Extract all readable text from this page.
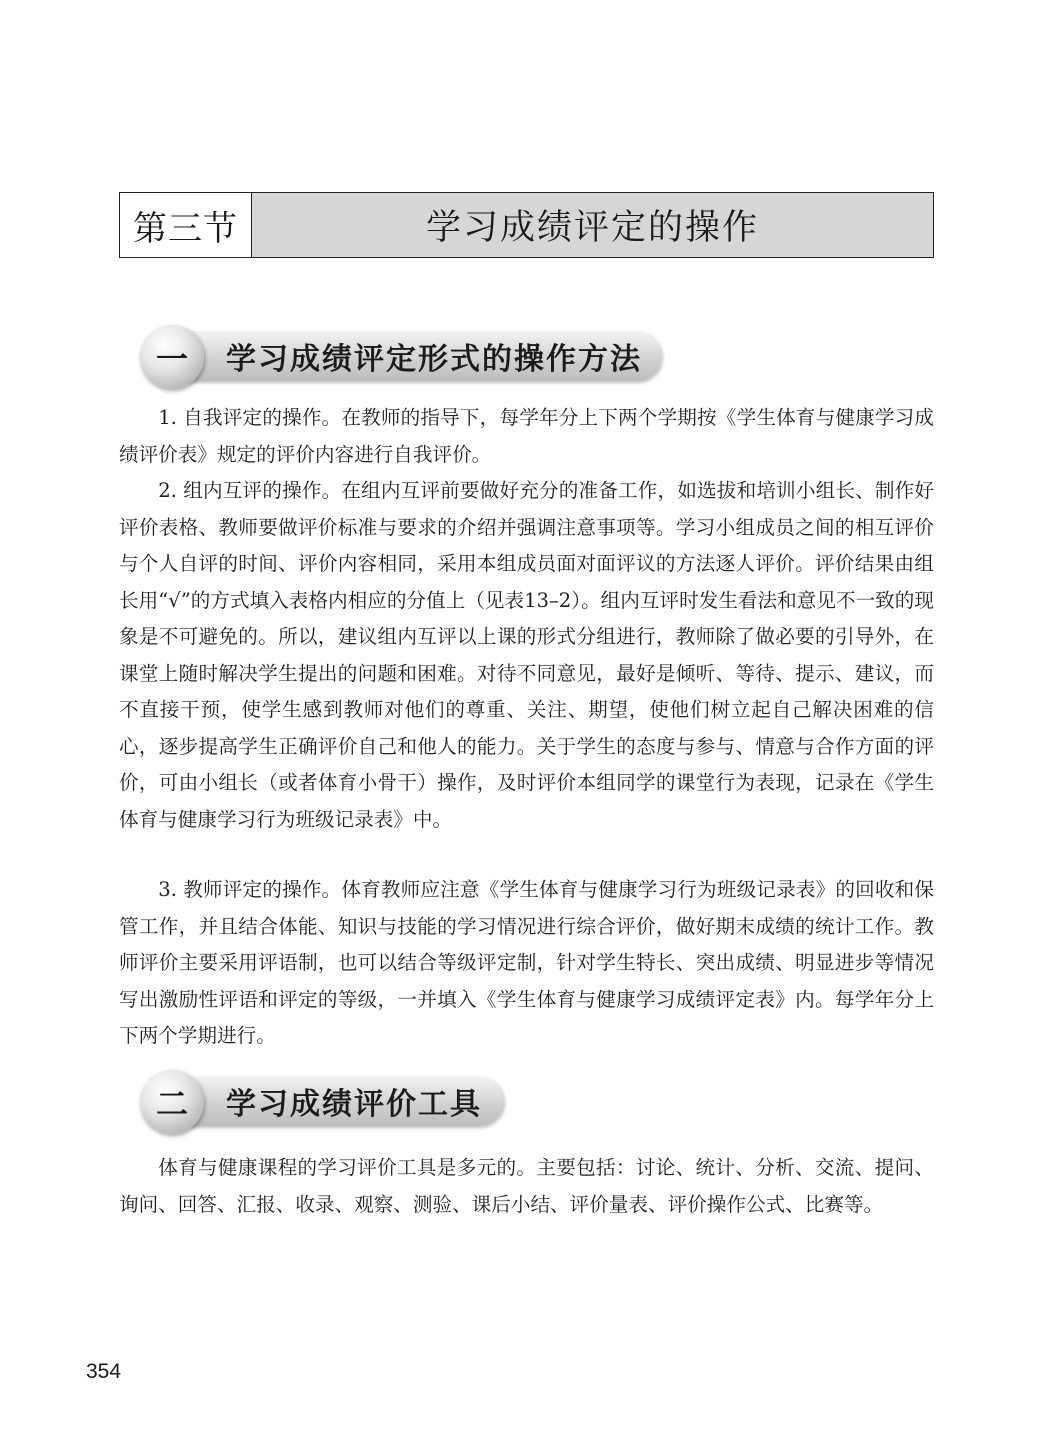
第三节	学习成绩评定的操作
一	学习成绩评定形式的操作方法

1. 自我评定的操作。在教师的指导下，每学年分上下两个学期按《学生体育与健康学习成绩评价表》规定的评价内容进行自我评价。

2. 组内互评的操作。在组内互评前要做好充分的准备工作，如选拔和培训小组长、制作好评价表格、教师要做评价标准与要求的介绍并强调注意事项等。学习小组成员之间的相互评价与个人自评的时间、评价内容相同，采用本组成员面对面评议的方法逐人评价。评价结果由组长用“√”的方式填入表格内相应的分值上（见表13–2）。组内互评时发生看法和意见不一致的现象是不可避免的。所以，建议组内互评以上课的形式分组进行，教师除了做必要的引导外，在课堂上随时解决学生提出的问题和困难。对待不同意见，最好是倾听、等待、提示、建议，而不直接干预，使学生感到教师对他们的尊重、关注、期望，使他们树立起自己解决困难的信心，逐步提高学生正确评价自己和他人的能力。关于学生的态度与参与、情意与合作方面的评价，可由小组长（或者体育小骨干）操作，及时评价本组同学的课堂行为表现，记录在《学生体育与健康学习行为班级记录表》中。

3. 教师评定的操作。体育教师应注意《学生体育与健康学习行为班级记录表》的回收和保管工作，并且结合体能、知识与技能的学习情况进行综合评价，做好期末成绩的统计工作。教师评价主要采用评语制，也可以结合等级评定制，针对学生特长、突出成绩、明显进步等情况写出激励性评语和评定的等级，一并填入《学生体育与健康学习成绩评定表》内。每学年分上下两个学期进行。

二	学习成绩评价工具

体育与健康课程的学习评价工具是多元的。主要包括：讨论、统计、分析、交流、提问、询问、回答、汇报、收录、观察、测验、课后小结、评价量表、评价操作公式、比赛等。

354
